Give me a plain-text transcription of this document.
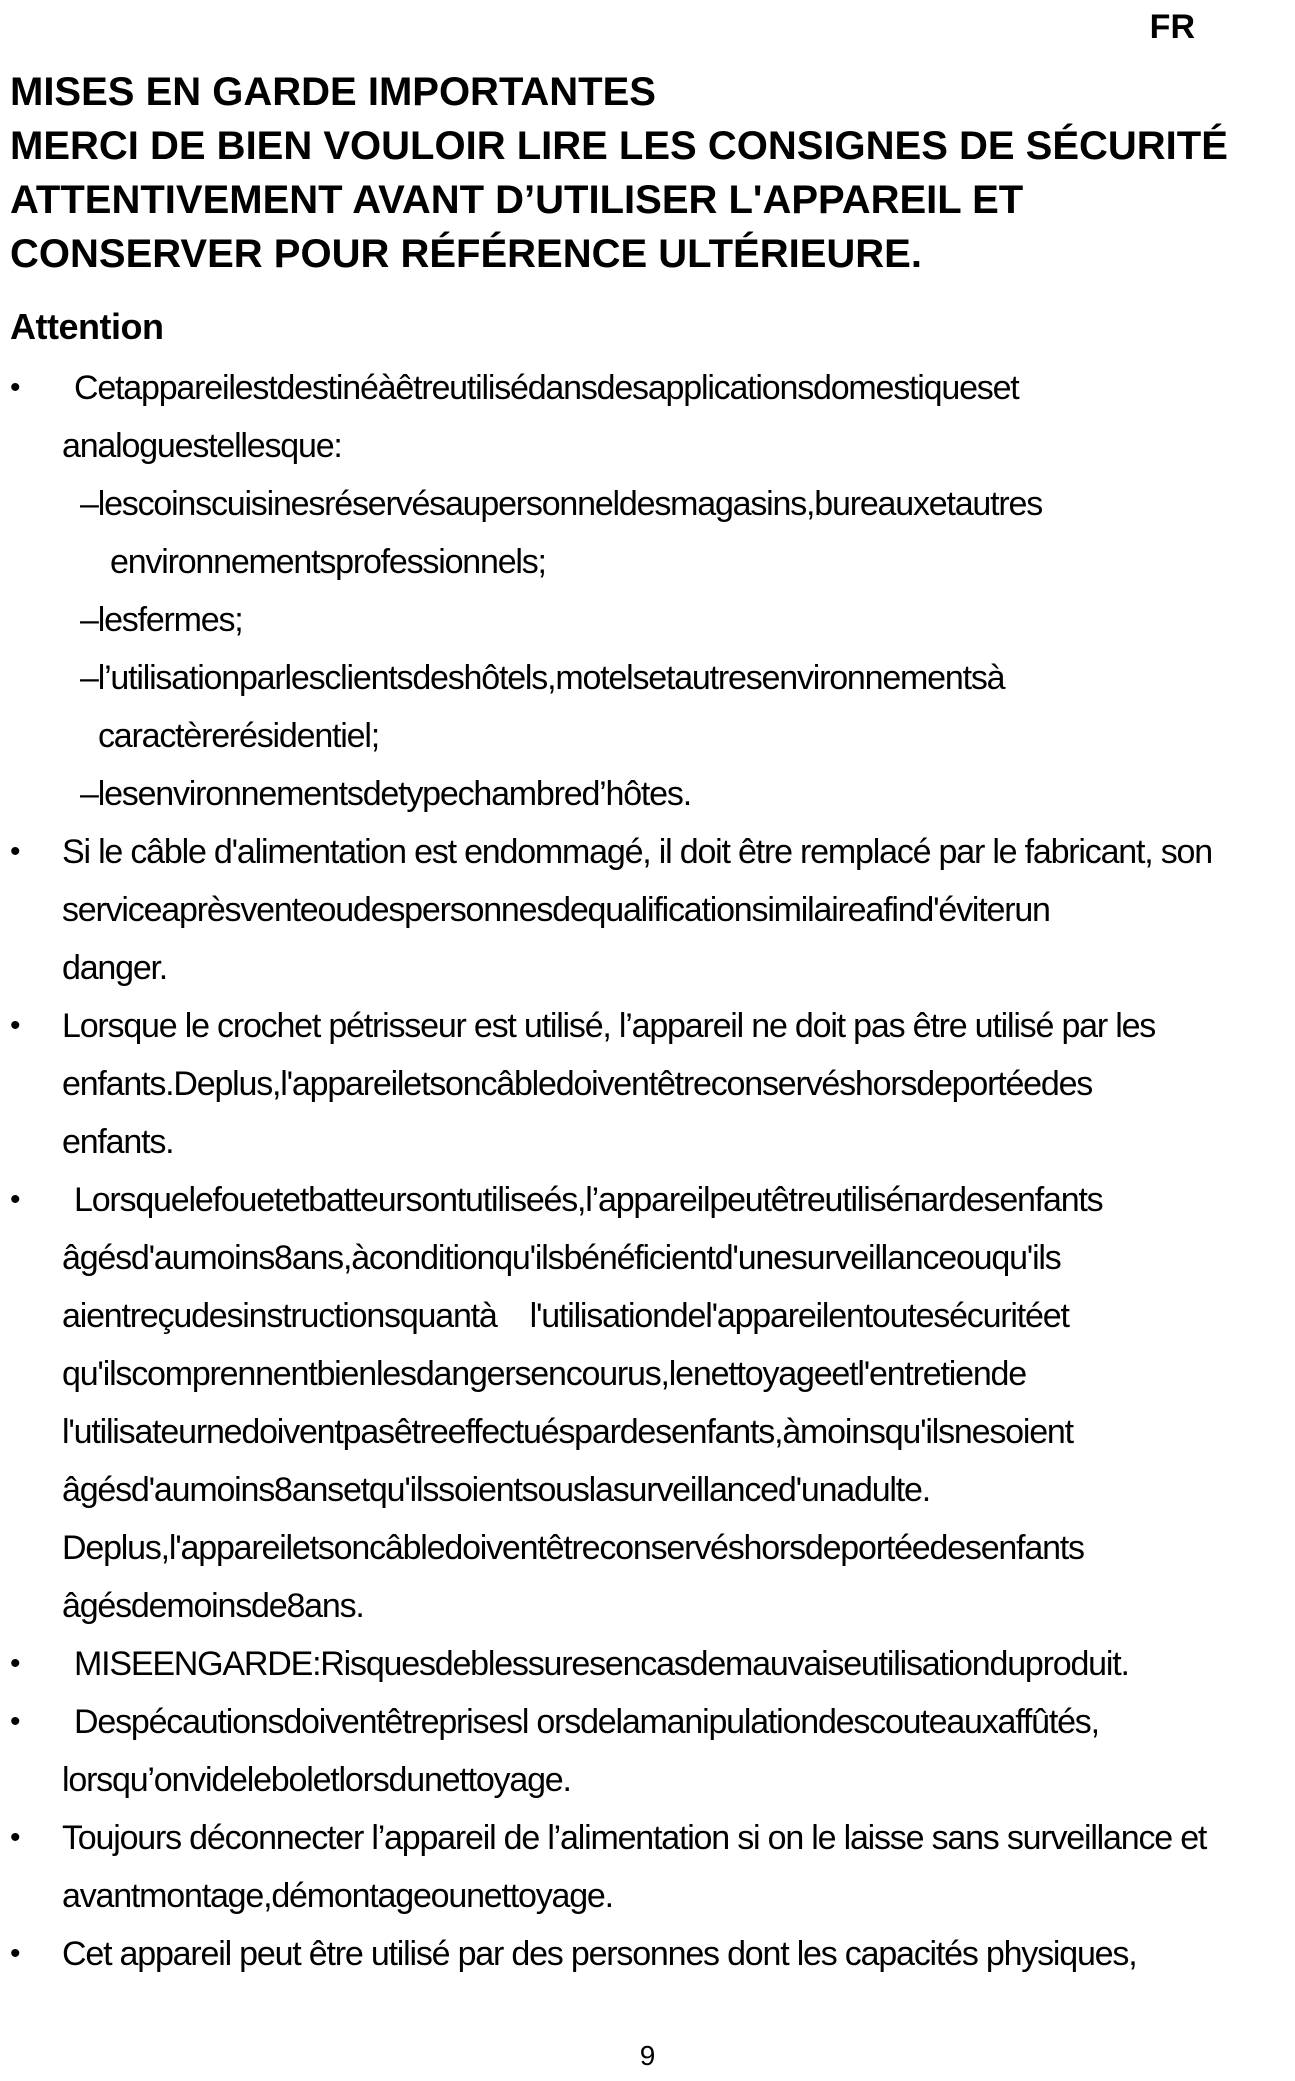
FR
MISES EN GARDE IMPORTANTES
MERCI DE BIEN VOULOIR LIRE LES CONSIGNES DE SÉCURITÉ
ATTENTIVEMENT AVANT D’UTILISER L'APPAREIL ET
CONSERVER POUR RÉFÉRENCE ULTÉRIEURE.
Attention
• Cetappareilestdestinéàêtreutilisédansdesapplicationsdomestiqueset
analoguestellesque:
–lescoinscuisinesréservésaupersonneldesmagasins,bureauxetautres
environnementsprofessionnels;
–lesfermes;
–l’utilisationparlesclientsdeshôtels,motelsetautresenvironnementsà
caractèrerésidentiel;
–lesenvironnementsdetypechambred’hôtes.
• Si le câble d'alimentation est endommagé, il doit être remplacé par le fabricant, son
serviceaprèsventeoudespersonnesdequalificationsimilaireafind'éviterun
danger.
• Lorsque le crochet pétrisseur est utilisé, l’appareil ne doit pas être utilisé par les
enfants.Deplus,l'appareiletsoncâbledoiventêtreconservéshorsdeportéedes
enfants.
• Lorsquelefouetetbatteursontutiliseés,l’appareilpeutêtreutiliséпardesenfants
âgésd'aumoins8ans,àconditionqu'ilsbénéficientd'unesurveillanceouqu'ils
aientreçudesinstructionsquantà    l'utilisationdel'appareilentoutesécuritéet
qu'ilscomprennentbienlesdangersencourus,lenettoyageetl'entretiende
l'utilisateurnedoiventpasêtreeffectuéspardesenfants,àmoinsqu'ilsnesoient
âgésd'aumoins8ansetqu'ilssoientsouslasurveillanced'unadulte.
Deplus,l'appareiletsoncâbledoiventêtreconservéshorsdeportéedesenfants
âgésdemoinsde8ans.
• MISEENGARDE:Risquesdeblessuresencasdemauvaiseutilisationduproduit.
• Despécautionsdoiventêtreprisesl orsdelamanipulationdescouteauxaffûtés,
lorsqu’onvideleboletlorsdunettoyage.
• Toujours déconnecter l’appareil de l’alimentation si on le laisse sans surveillance et
avantmontage,démontageounettoyage.
• Cet appareil peut être utilisé par des personnes dont les capacités physiques,
9
